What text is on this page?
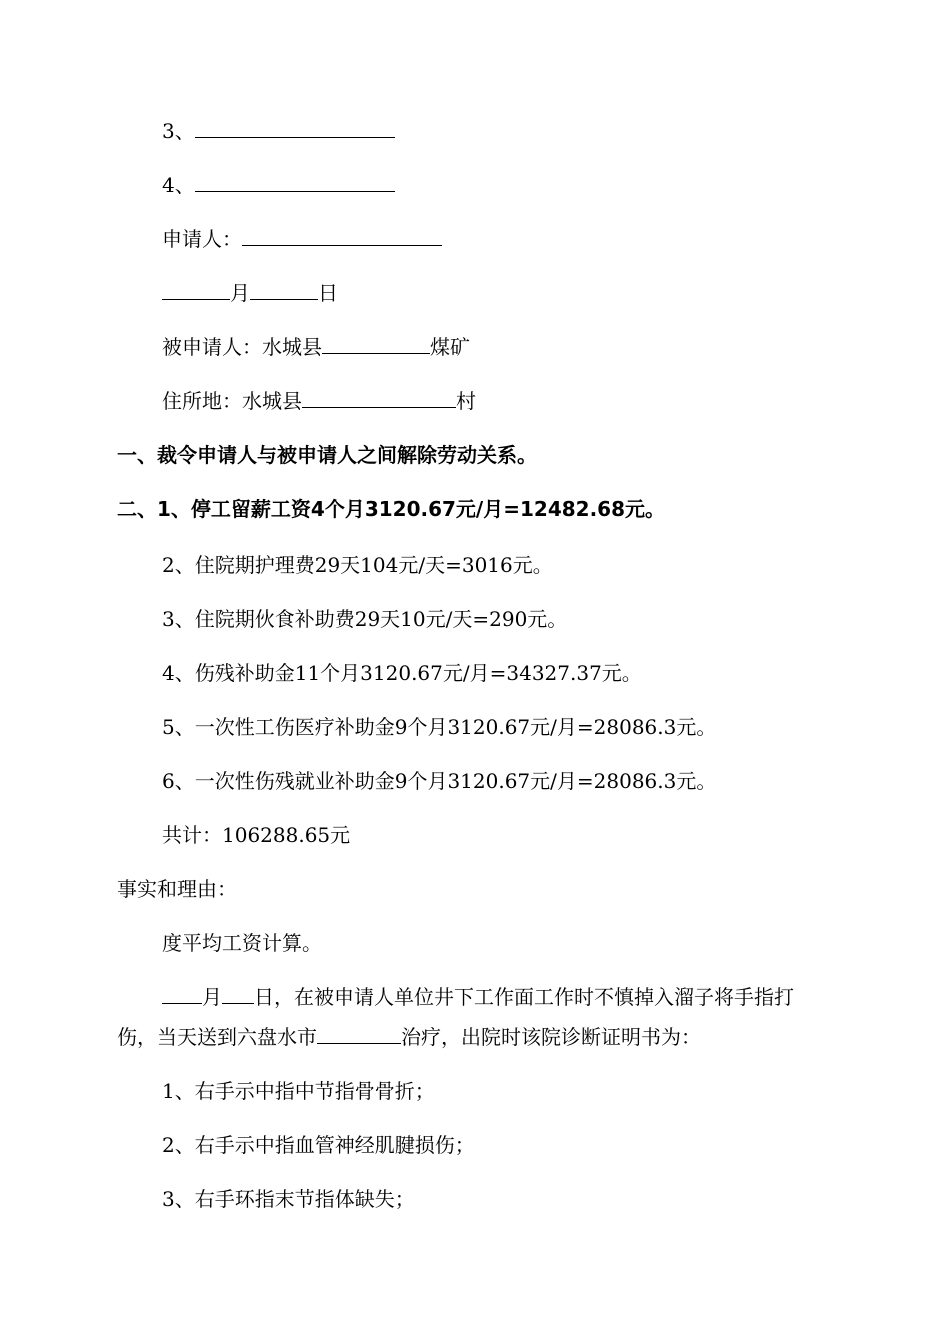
3、
4、
申请人：
月	日
被申请人：水城县	煤矿
住所地：水城县	村
一、裁令申请人与被申请人之间解除劳动关系。
二、1、停工留薪工资4个月3120.67元/月=12482.68元。
2、住院期护理费29天104元/天=3016元。
3、住院期伙食补助费29天10元/天=290元。
4、伤残补助金11个月3120.67元/月=34327.37元。
5、一次性工伤医疗补助金9个月3120.67元/月=28086.3元。
6、一次性伤残就业补助金9个月3120.67元/月=28086.3元。
共计：106288.65元
事实和理由：
度平均工资计算。
月 日，在被申请人单位井下工作面工作时不慎掉入溜子将手指打
伤，当天送到六盘水市	治疗，出院时该院诊断证明书为：
1、右手示中指中节指骨骨折；
2、右手示中指血管神经肌腱损伤；
3、右手环指末节指体缺失；
